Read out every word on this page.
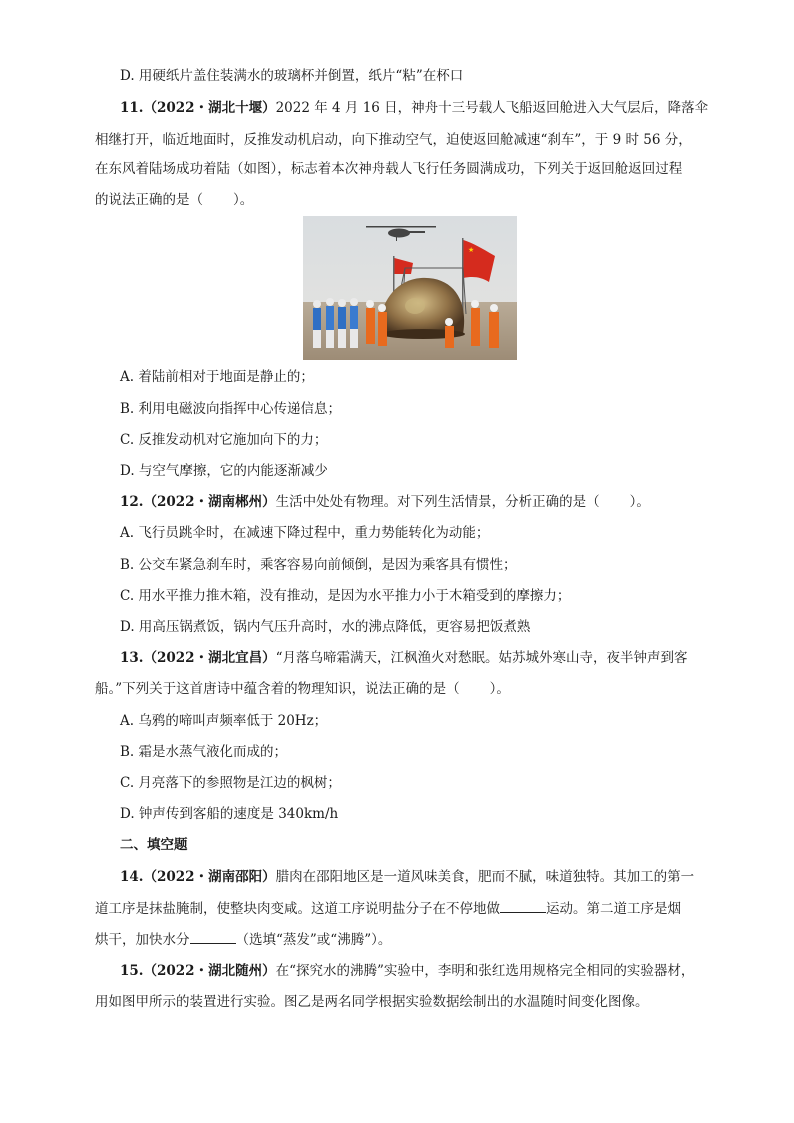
D. 用硬纸片盖住装满水的玻璃杯并倒置，纸片“粘”在杯口
11.（2022・湖北十堰）2022 年 4 月 16 日，神舟十三号载人飞船返回舱进入大气层后，降落伞
相继打开，临近地面时，反推发动机启动，向下推动空气，迫使返回舱减速“刹车”，于 9 时 56 分，
在东风着陆场成功着陆（如图），标志着本次神舟载人飞行任务圆满成功，下列关于返回舱返回过程
的说法正确的是（ ）。
★
A. 着陆前相对于地面是静止的；
B. 利用电磁波向指挥中心传递信息；
C. 反推发动机对它施加向下的力；
D. 与空气摩擦，它的内能逐渐减少
12.（2022・湖南郴州）生活中处处有物理。对下列生活情景，分析正确的是（ ）。
A. 飞行员跳伞时，在减速下降过程中，重力势能转化为动能；
B. 公交车紧急刹车时，乘客容易向前倾倒，是因为乘客具有惯性；
C. 用水平推力推木箱，没有推动，是因为水平推力小于木箱受到的摩擦力；
D. 用高压锅煮饭，锅内气压升高时，水的沸点降低，更容易把饭煮熟
13.（2022・湖北宜昌）“月落乌啼霜满天，江枫渔火对愁眠。姑苏城外寒山寺，夜半钟声到客
船。”下列关于这首唐诗中蕴含着的物理知识，说法正确的是（ ）。
A. 乌鸦的啼叫声频率低于 20Hz；
B. 霜是水蒸气液化而成的；
C. 月亮落下的参照物是江边的枫树；
D. 钟声传到客船的速度是 340km/h
二、填空题
14.（2022・湖南邵阳）腊肉在邵阳地区是一道风味美食，肥而不腻，味道独特。其加工的第一
道工序是抹盐腌制，使整块肉变咸。这道工序说明盐分子在不停地做	运动。第二道工序是烟
烘干，加快水分	（选填“蒸发”或“沸腾”）。
15.（2022・湖北随州）在“探究水的沸腾”实验中，李明和张红选用规格完全相同的实验器材，
用如图甲所示的装置进行实验。图乙是两名同学根据实验数据绘制出的水温随时间变化图像。
